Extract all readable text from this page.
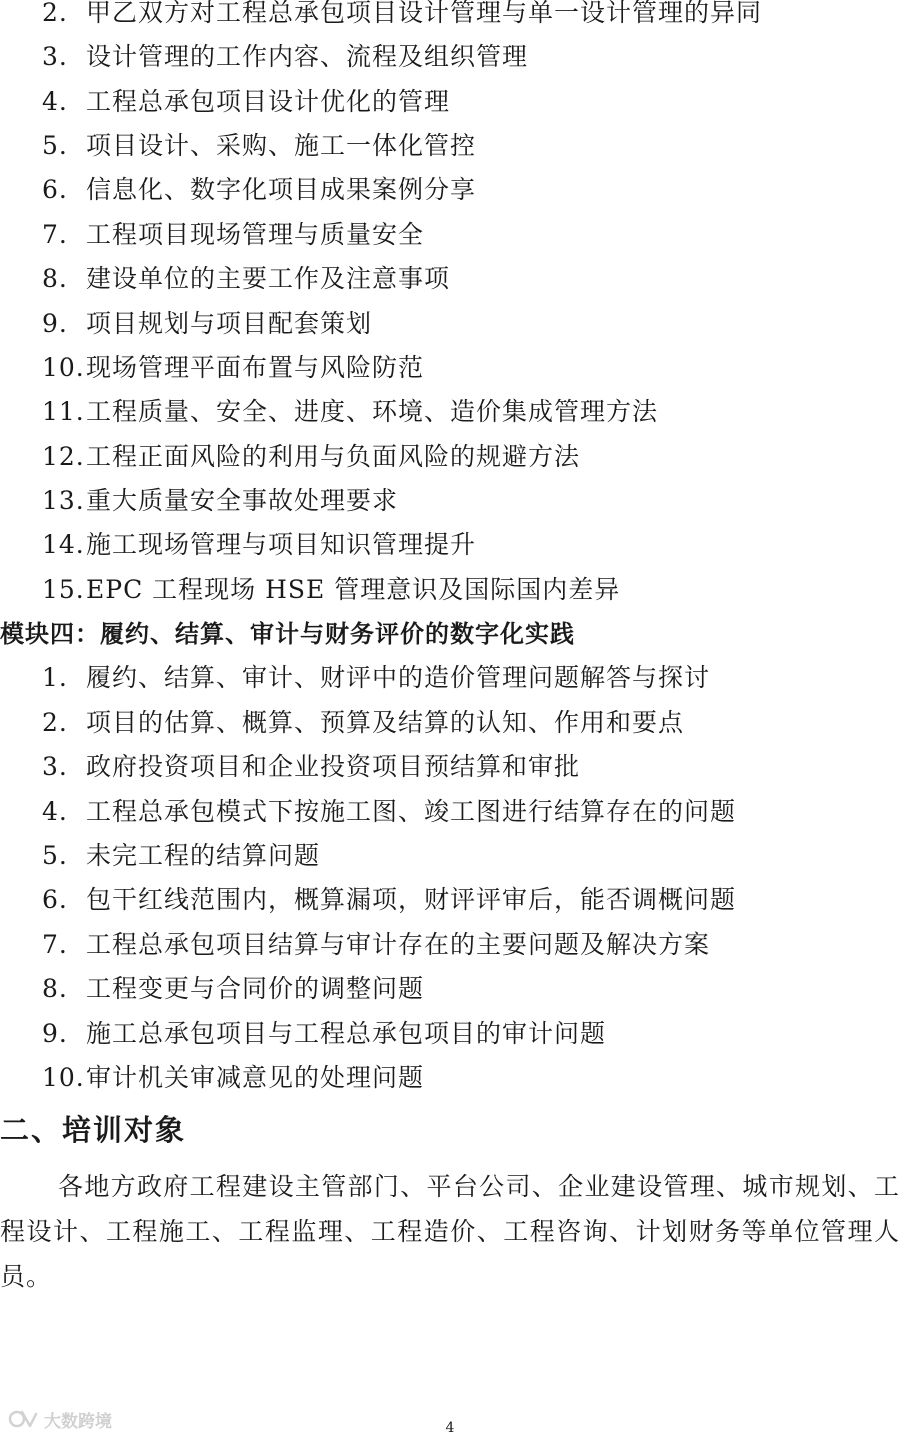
2. 甲乙双方对工程总承包项目设计管理与单一设计管理的异同
3. 设计管理的工作内容、流程及组织管理
4. 工程总承包项目设计优化的管理
5. 项目设计、采购、施工一体化管控
6. 信息化、数字化项目成果案例分享
7. 工程项目现场管理与质量安全
8. 建设单位的主要工作及注意事项
9. 项目规划与项目配套策划
10.现场管理平面布置与风险防范
11.工程质量、安全、进度、环境、造价集成管理方法
12.工程正面风险的利用与负面风险的规避方法
13.重大质量安全事故处理要求
14.施工现场管理与项目知识管理提升
15.EPC 工程现场 HSE 管理意识及国际国内差异
模块四：履约、结算、审计与财务评价的数字化实践
1. 履约、结算、审计、财评中的造价管理问题解答与探讨
2. 项目的估算、概算、预算及结算的认知、作用和要点
3. 政府投资项目和企业投资项目预结算和审批
4. 工程总承包模式下按施工图、竣工图进行结算存在的问题
5. 未完工程的结算问题
6. 包干红线范围内，概算漏项，财评评审后，能否调概问题
7. 工程总承包项目结算与审计存在的主要问题及解决方案
8. 工程变更与合同价的调整问题
9. 施工总承包项目与工程总承包项目的审计问题
10.审计机关审减意见的处理问题
二、培训对象

各地方政府工程建设主管部门、平台公司、企业建设管理、城市规划、工程设计、工程施工、工程监理、工程造价、工程咨询、计划财务等单位管理人员。

大数跨境	4
